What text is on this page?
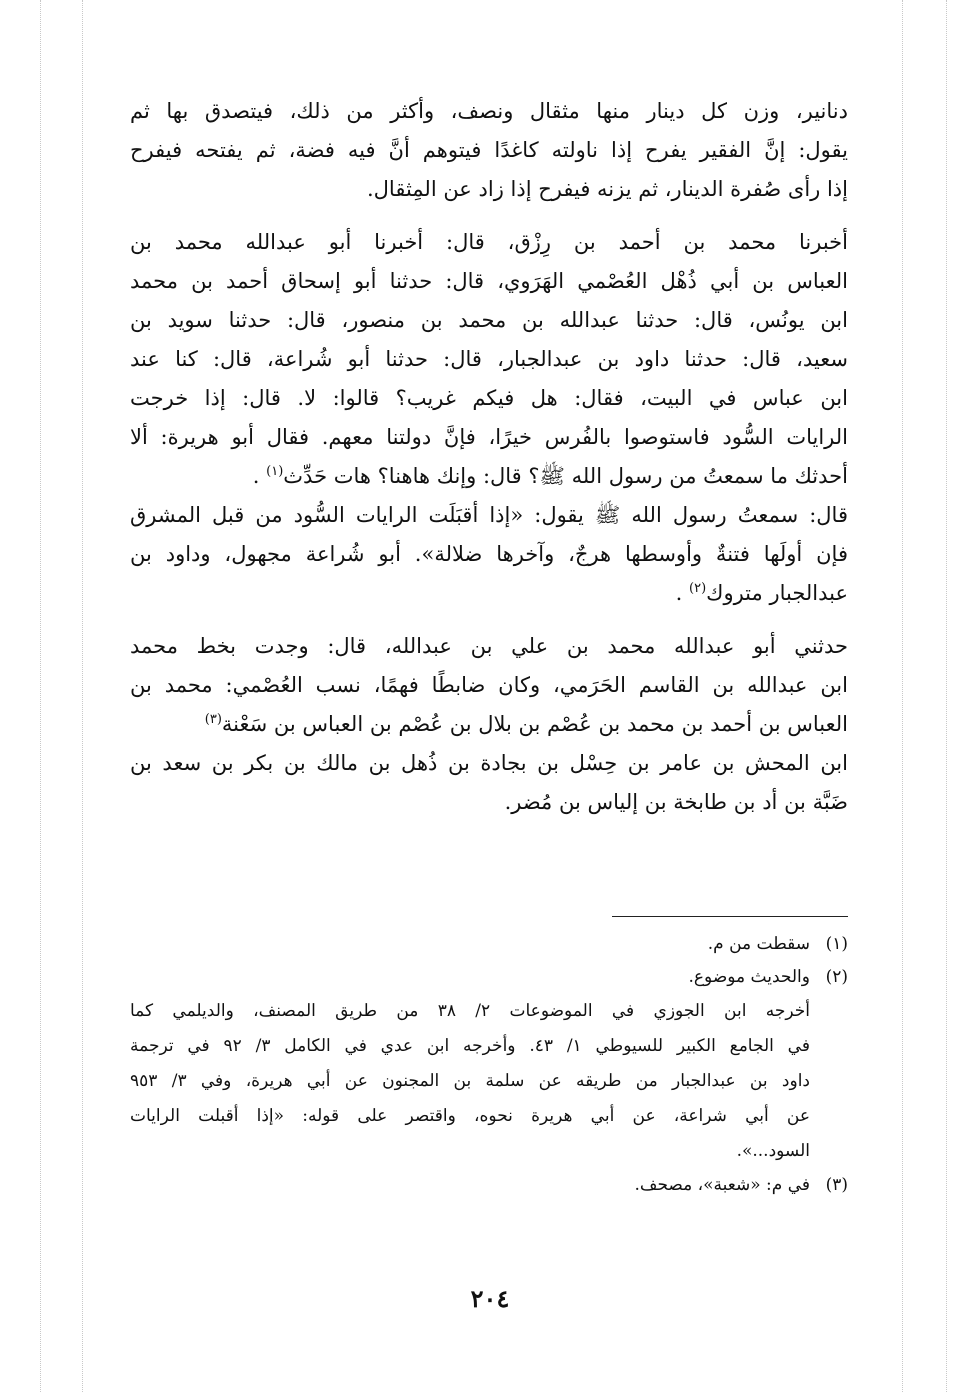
دنانير، وزن كل دينار منها مثقال ونصف، وأكثر من ذلك، فيتصدق بها ثم
يقول: إنَّ الفقير يفرح إذا ناولته كاغدًا فيتوهم أنَّ فيه فضة، ثم يفتحه فيفرح
إذا رأى صُفرة الدينار، ثم يزنه فيفرح إذا زاد عن المِثقال.
أخبرنا محمد بن أحمد بن رِزْق، قال: أخبرنا أبو عبدالله محمد بن
العباس بن أبي ذُهْل العُصْمي الهَرَوي، قال: حدثنا أبو إسحاق أحمد بن محمد
ابن يونُس، قال: حدثنا عبدالله بن محمد بن منصور، قال: حدثنا سويد بن
سعيد، قال: حدثنا داود بن عبدالجبار، قال: حدثنا أبو شُراعة، قال: كنا عند
ابن عباس في البيت، فقال: هل فيكم غريب؟ قالوا: لا. قال: إذا خرجت
الرايات السُّود فاستوصوا بالفُرس خيرًا، فإنَّ دولتنا معهم. فقال أبو هريرة: ألا
أحدثك ما سمعتُ من رسول الله ﷺ؟ قال: وإنك هاهنا؟ هات حَدِّث$^{(١)}$ .
قال: سمعتُ رسول الله ﷺ يقول: «إذا أقبَلَت الرايات السُّود من قبل المشرق
فإن أولَها فتنةٌ وأوسطها هرجٌ، وآخرها ضلالة». أبو شُراعة مجهول، وداود بن
عبدالجبار متروك$^{(٢)}$ .
حدثني أبو عبدالله محمد بن علي بن عبدالله، قال: وجدت بخط محمد
ابن عبدالله بن القاسم الحَرَمي، وكان ضابطًا فهمًا، نسب العُصْمي: محمد بن
العباس بن أحمد بن محمد بن عُصْم بن بلال بن عُصْم بن العباس بن سَعْنة$^{(٣)}$
ابن المحش بن عامر بن حِسْل بن بجادة بن ذُهل بن مالك بن بكر بن سعد بن
ضَبَّة بن أد بن طابخة بن إلياس بن مُضر.
(١)سقطت من م.
(٢)والحديث موضوع.
أخرجه ابن الجوزي في الموضوعات ٢/ ٣٨ من طريق المصنف، والديلمي كما
في الجامع الكبير للسيوطي ١/ ٤٣. وأخرجه ابن عدي في الكامل ٣/ ٩٢ في ترجمة
داود بن عبدالجبار من طريقه عن سلمة بن المجنون عن أبي هريرة، وفي ٣/ ٩٥٣
عن أبي شراعة، عن أبي هريرة نحوه، واقتصر على قوله: «إذا أقبلت الرايات
السود...».
(٣)في م: «شعبة»، مصحف.
٢٠٤
